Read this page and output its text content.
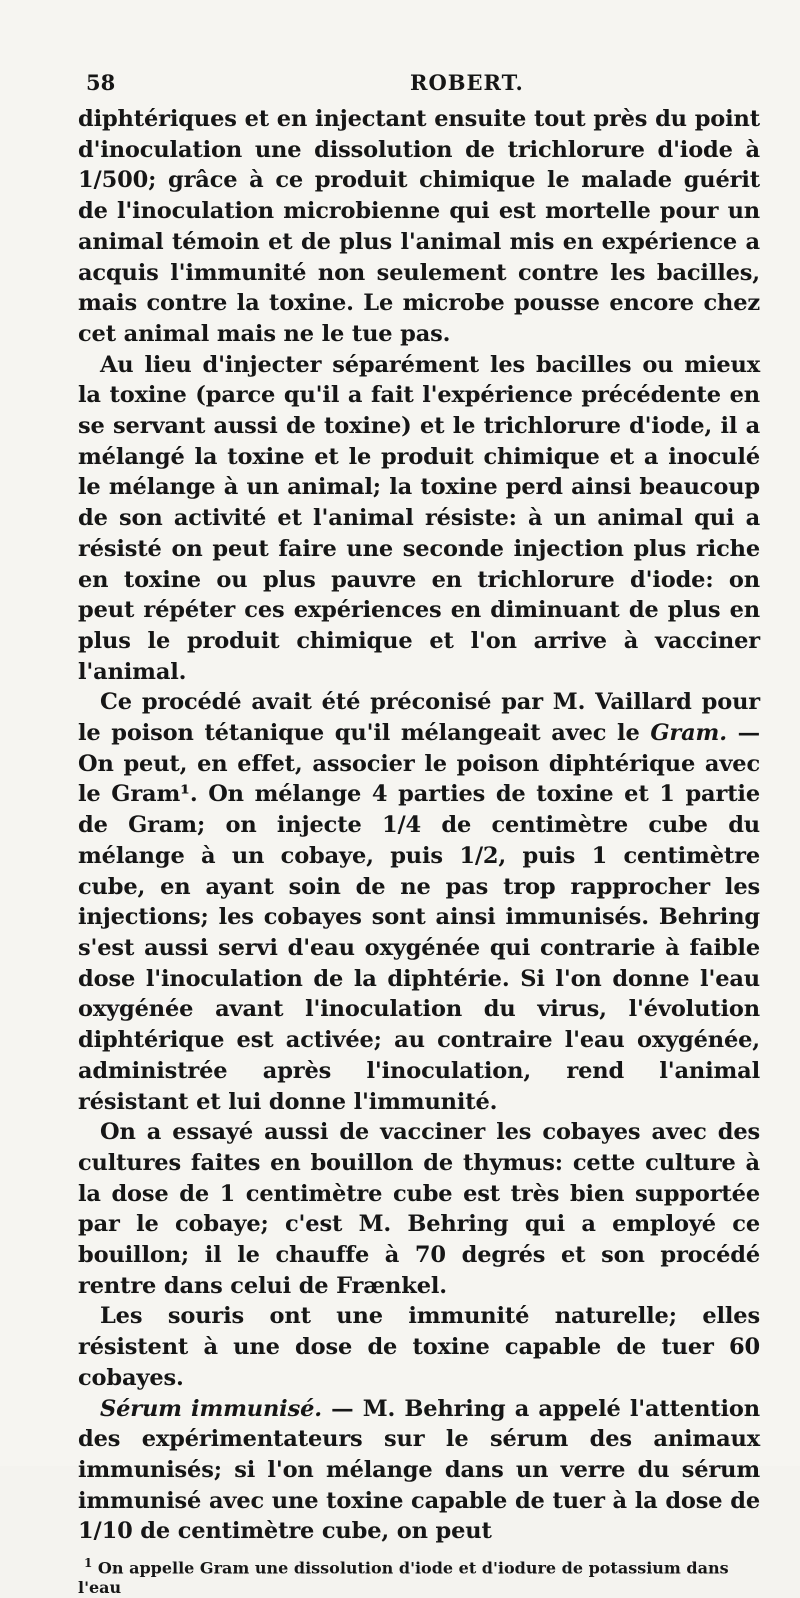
58	ROBERT.

diphtériques et en injectant ensuite tout près du point d'inoculation une dissolution de trichlorure d'iode à 1/500; grâce à ce produit chimique le malade guérit de l'inoculation microbienne qui est mortelle pour un animal témoin et de plus l'animal mis en expérience a acquis l'immunité non seulement contre les bacilles, mais contre la toxine. Le microbe pousse encore chez cet animal mais ne le tue pas.

Au lieu d'injecter séparément les bacilles ou mieux la toxine (parce qu'il a fait l'expérience précédente en se servant aussi de toxine) et le trichlorure d'iode, il a mélangé la toxine et le produit chimique et a inoculé le mélange à un animal; la toxine perd ainsi beaucoup de son activité et l'animal résiste: à un animal qui a résisté on peut faire une seconde injection plus riche en toxine ou plus pauvre en trichlorure d'iode: on peut répéter ces expériences en diminuant de plus en plus le produit chimique et l'on arrive à vacciner l'animal.

Ce procédé avait été préconisé par M. Vaillard pour le poison tétanique qu'il mélangeait avec le Gram. — On peut, en effet, associer le poison diphtérique avec le Gram¹. On mélange 4 parties de toxine et 1 partie de Gram; on injecte 1/4 de centimètre cube du mélange à un cobaye, puis 1/2, puis 1 centimètre cube, en ayant soin de ne pas trop rapprocher les injections; les cobayes sont ainsi immunisés. Behring s'est aussi servi d'eau oxygénée qui contrarie à faible dose l'inoculation de la diphtérie. Si l'on donne l'eau oxygénée avant l'inoculation du virus, l'évolution diphtérique est activée; au contraire l'eau oxygénée, administrée après l'inoculation, rend l'animal résistant et lui donne l'immunité.

On a essayé aussi de vacciner les cobayes avec des cultures faites en bouillon de thymus: cette culture à la dose de 1 centimètre cube est très bien supportée par le cobaye; c'est M. Behring qui a employé ce bouillon; il le chauffe à 70 degrés et son procédé rentre dans celui de Frænkel.

Les souris ont une immunité naturelle; elles résistent à une dose de toxine capable de tuer 60 cobayes.

Sérum immunisé. — M. Behring a appelé l'attention des expérimentateurs sur le sérum des animaux immunisés; si l'on mélange dans un verre du sérum immunisé avec une toxine capable de tuer à la dose de 1/10 de centimètre cube, on peut

$^1$ On appelle Gram une dissolution d'iode et d'iodure de potassium dans l'eau
